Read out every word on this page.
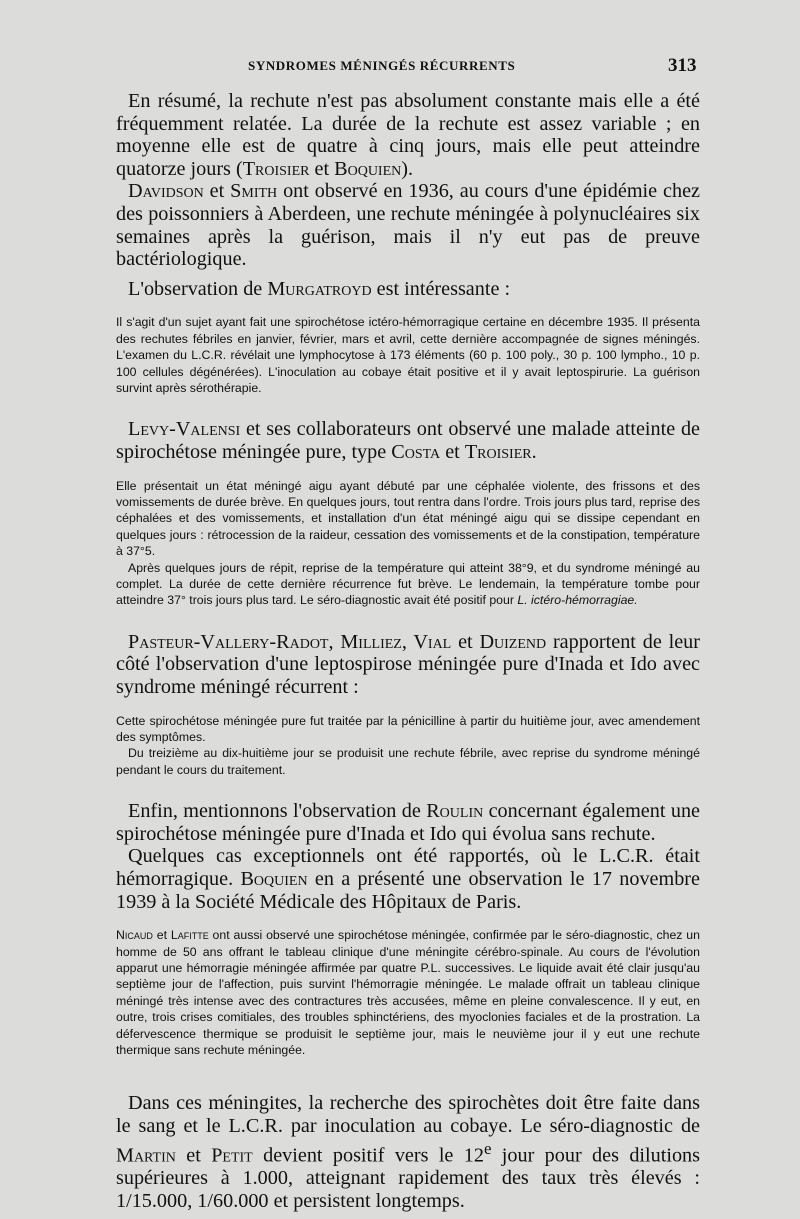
SYNDROMES MÉNINGÉS RÉCURRENTS	313

En résumé, la rechute n'est pas absolument constante mais elle a été fréquemment relatée. La durée de la rechute est assez variable ; en moyenne elle est de quatre à cinq jours, mais elle peut atteindre quatorze jours (Troisier et Boquien).

Davidson et Smith ont observé en 1936, au cours d'une épidémie chez des poissonniers à Aberdeen, une rechute méningée à polynucléaires six semaines après la guérison, mais il n'y eut pas de preuve bactériologique.

L'observation de Murgatroyd est intéressante :

Il s'agit d'un sujet ayant fait une spirochétose ictéro-hémorragique certaine en décembre 1935. Il présenta des rechutes fébriles en janvier, février, mars et avril, cette dernière accompagnée de signes méningés. L'examen du L.C.R. révélait une lymphocytose à 173 éléments (60 p. 100 poly., 30 p. 100 lympho., 10 p. 100 cellules dégénérées). L'inoculation au cobaye était positive et il y avait leptospirurie. La guérison survint après sérothérapie.

Levy-Valensi et ses collaborateurs ont observé une malade atteinte de spirochétose méningée pure, type Costa et Troisier.

Elle présentait un état méningé aigu ayant débuté par une céphalée violente, des frissons et des vomissements de durée brève. En quelques jours, tout rentra dans l'ordre. Trois jours plus tard, reprise des céphalées et des vomissements, et installation d'un état méningé aigu qui se dissipe cependant en quelques jours : rétrocession de la raideur, cessation des vomissements et de la constipation, température à 37°5.

Après quelques jours de répit, reprise de la température qui atteint 38°9, et du syndrome méningé au complet. La durée de cette dernière récurrence fut brève. Le lendemain, la température tombe pour atteindre 37° trois jours plus tard. Le séro-diagnostic avait été positif pour L. ictéro-hémorragiae.

Pasteur-Vallery-Radot, Milliez, Vial et Duizend rapportent de leur côté l'observation d'une leptospirose méningée pure d'Inada et Ido avec syndrome méningé récurrent :

Cette spirochétose méningée pure fut traitée par la pénicilline à partir du huitième jour, avec amendement des symptômes.

Du treizième au dix-huitième jour se produisit une rechute fébrile, avec reprise du syndrome méningé pendant le cours du traitement.

Enfin, mentionnons l'observation de Roulin concernant également une spirochétose méningée pure d'Inada et Ido qui évolua sans rechute.

Quelques cas exceptionnels ont été rapportés, où le L.C.R. était hémorragique. Boquien en a présenté une observation le 17 novembre 1939 à la Société Médicale des Hôpitaux de Paris.

Nicaud et Lafitte ont aussi observé une spirochétose méningée, confirmée par le séro-diagnostic, chez un homme de 50 ans offrant le tableau clinique d'une méningite cérébro-spinale. Au cours de l'évolution apparut une hémorragie méningée affirmée par quatre P.L. successives. Le liquide avait été clair jusqu'au septième jour de l'affection, puis survint l'hémorragie méningée. Le malade offrait un tableau clinique méningé très intense avec des contractures très accusées, même en pleine convalescence. Il y eut, en outre, trois crises comitiales, des troubles sphinctériens, des myoclonies faciales et de la prostration. La défervescence thermique se produisit le septième jour, mais le neuvième jour il y eut une rechute thermique sans rechute méningée.

Dans ces méningites, la recherche des spirochètes doit être faite dans le sang et le L.C.R. par inoculation au cobaye. Le séro-diagnostic de Martin et Petit devient positif vers le 12e jour pour des dilutions supérieures à 1.000, atteignant rapidement des taux très élevés : 1/15.000, 1/60.000 et persistent longtemps.
